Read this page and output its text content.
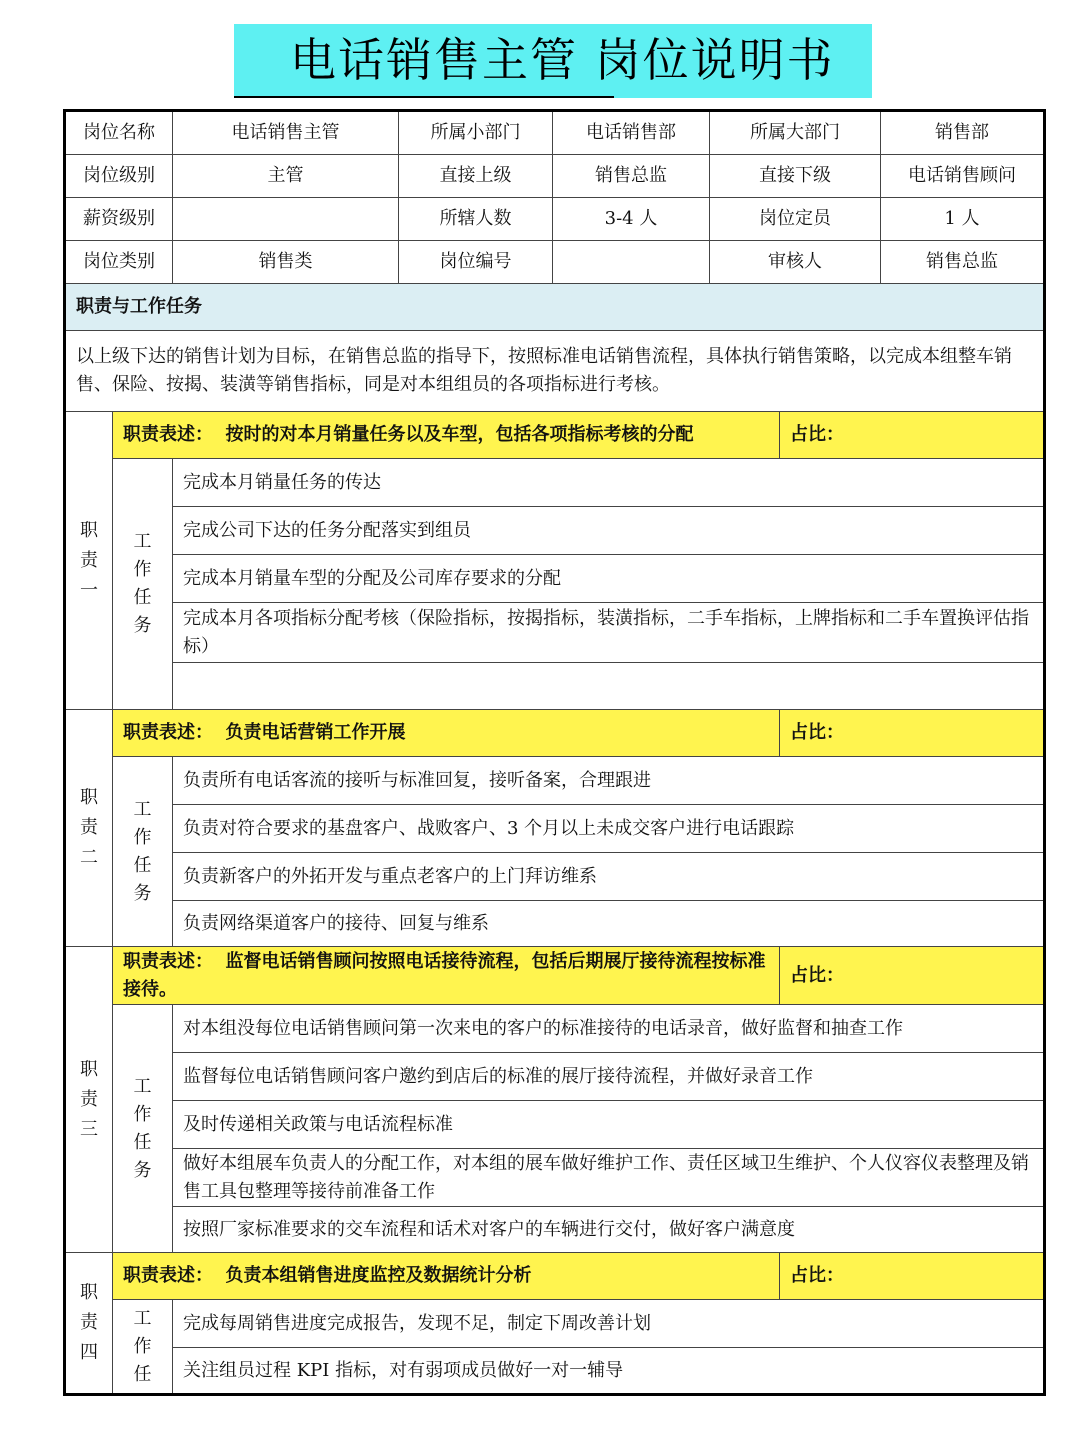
电话销售主管 岗位说明书
岗位名称		电话销售主管	所属小部门	电话销售部	所属大部门		销售部
岗位级别		主管	直接上级	销售总监	直接下级		电话销售顾问
薪资级别			所辖人数	3-4 人	岗位定员		1 人
岗位类别		销售类	岗位编号		审核人		销售总监
职责与工作任务							
以上级下达的销售计划为目标，在销售总监的指导下，按照标准电话销售流程，具体执行销售策略，以完成本组整车销售、保险、按揭、装潢等销售指标，同是对本组组员的各项指标进行考核。							

职
责
一	职责表述： 按时的对本月销量任务以及车型，包括各项指标考核的分配					占比：	

	工
作
任
务	完成本月销量任务的传达					
		完成公司下达的任务分配落实到组员					
		完成本月销量车型的分配及公司库存要求的分配					
		完成本月各项指标分配考核（保险指标，按揭指标，装潢指标，二手车指标，上牌指标和二手车置换评估指标）					

职
责
二	职责表述： 负责电话营销工作开展					占比：	

	工
作
任
务	负责所有电话客流的接听与标准回复，接听备案，合理跟进					
		负责对符合要求的基盘客户、战败客户、3 个月以上未成交客户进行电话跟踪					
		负责新客户的外拓开发与重点老客户的上门拜访维系					
		负责网络渠道客户的接待、回复与维系					

职
责
三	职责表述： 监督电话销售顾问按照电话接待流程，包括后期展厅接待流程按标准接待。					占比：	

	工
作
任
务	对本组没每位电话销售顾问第一次来电的客户的标准接待的电话录音，做好监督和抽查工作					
		监督每位电话销售顾问客户邀约到店后的标准的展厅接待流程，并做好录音工作					
		及时传递相关政策与电话流程标准					
		做好本组展车负责人的分配工作，对本组的展车做好维护工作、责任区域卫生维护、个人仪容仪表整理及销售工具包整理等接待前准备工作					
		按照厂家标准要求的交车流程和话术对客户的车辆进行交付，做好客户满意度					

职
责
四	职责表述： 负责本组销售进度监控及数据统计分析					占比：	

	工
作
任	完成每周销售进度完成报告，发现不足，制定下周改善计划					
		关注组员过程 KPI 指标，对有弱项成员做好一对一辅导					
